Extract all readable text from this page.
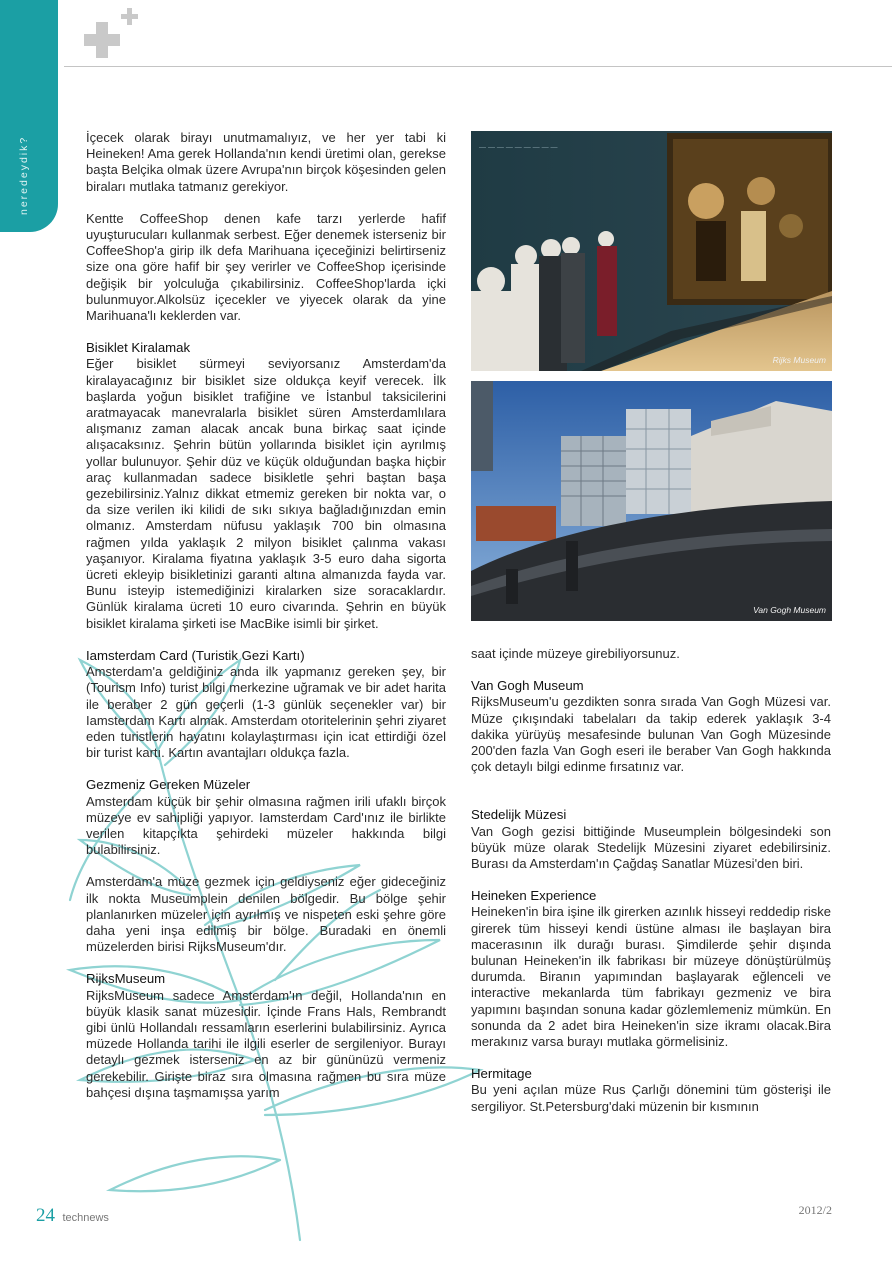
neredeydik?	İçecek olarak birayı unutmamalıyız, ve her yer tabi ki Heineken! Ama gerek Hollanda'nın kendi üretimi olan, gerekse başta Belçika olmak üzere Avrupa'nın birçok köşesinden gelen biraları mutlaka tatmanız gerekiyor.

Kentte CoffeeShop denen kafe tarzı yerlerde hafif uyuşturucuları kullanmak serbest. Eğer denemek isterseniz bir CoffeeShop'a girip ilk defa Marihuana içeceğinizi belirtirseniz size ona göre hafif bir şey verirler ve CoffeeShop içerisinde değişik bir yolculuğa çıkabilirsiniz. CoffeeShop'larda içki bulunmuyor.Alkolsüz içecekler ve yiyecek olarak da yine Marihuana'lı keklerden var.

Bisiklet Kiralamak

Eğer bisiklet sürmeyi seviyorsanız Amsterdam'da kiralayacağınız bir bisiklet size oldukça keyif verecek. İlk başlarda yoğun bisiklet trafiğine ve İstanbul taksicilerini aratmayacak manevralarla bisiklet süren Amsterdamlılara alışmanız zaman alacak ancak buna birkaç saat içinde alışacaksınız. Şehrin bütün yollarında bisiklet için ayrılmış yollar bulunuyor. Şehir düz ve küçük olduğundan başka hiçbir araç kullanmadan sadece bisikletle şehri baştan başa gezebilirsiniz.Yalnız dikkat etmemiz gereken bir nokta var, o da size verilen iki kilidi de sıkı sıkıya bağladığınızdan emin olmanız. Amsterdam nüfusu yaklaşık 700 bin olmasına rağmen yılda yaklaşık 2 milyon bisiklet çalınma vakası yaşanıyor. Kiralama fiyatına yaklaşık 3-5 euro daha sigorta ücreti ekleyip bisikletinizi garanti altına almanızda fayda var. Bunu isteyip istemediğinizi kiralarken size soracaklardır. Günlük kiralama ücreti 10 euro civarında. Şehrin en büyük bisiklet kiralama şirketi ise MacBike isimli bir şirket.

Iamsterdam Card (Turistik Gezi Kartı)

Amsterdam'a geldiğiniz anda ilk yapmanız gereken şey, bir (Tourism Info) turist bilgi merkezine uğramak ve bir adet harita ile beraber 2 gün geçerli (1-3 günlük seçenekler var) bir Iamsterdam Kartı almak. Amsterdam otoritelerinin şehri ziyaret eden turistlerin hayatını kolaylaştırması için icat ettirdiği özel bir turist kartı. Kartın avantajları oldukça fazla.

Gezmeniz Gereken Müzeler

Amsterdam küçük bir şehir olmasına rağmen irili ufaklı birçok müzeye ev sahipliği yapıyor. Iamsterdam Card'ınız ile birlikte verilen kitapçıkta şehirdeki müzeler hakkında bilgi bulabilirsiniz.

Amsterdam'a müze gezmek için geldiyseniz eğer gideceğiniz ilk nokta Museumplein denilen bölgedir. Bu bölge şehir planlanırken müzeler için ayrılmış ve nispeten eski şehre göre daha yeni inşa edilmiş bir bölge. Buradaki en önemli müzelerden birisi RijksMuseum'dır.

RijksMuseum

RijksMuseum sadece Amsterdam'ın değil, Hollanda'nın en büyük klasik sanat müzesidir. İçinde Frans Hals, Rembrandt gibi ünlü Hollandalı ressamların eserlerini bulabilirsiniz. Ayrıca müzede Hollanda tarihi ile ilgili eserler de sergileniyor. Burayı detaylı gezmek isterseniz en az bir gününüzü vermeniz gerekebilir. Girişte biraz sıra olmasına rağmen bu sıra müze bahçesi dışına taşmamışsa yarım

— — — — — — — — —
Rijks Museum
Van Gogh Museum

saat içinde müzeye girebiliyorsunuz.

Van Gogh Museum

RijksMuseum'u gezdikten sonra sırada Van Gogh Müzesi var. Müze çıkışındaki tabelaları da takip ederek yaklaşık 3-4 dakika yürüyüş mesafesinde bulunan Van Gogh Müzesinde 200'den fazla Van Gogh eseri ile beraber Van Gogh hakkında çok detaylı bilgi edinme fırsatınız var.

Stedelijk Müzesi

Van Gogh gezisi bittiğinde Museumplein bölgesindeki son büyük müze olarak Stedelijk Müzesini ziyaret edebilirsiniz. Burası da Amsterdam'ın Çağdaş Sanatlar Müzesi'den biri.

Heineken Experience

Heineken'in bira işine ilk girerken azınlık hisseyi reddedip riske girerek tüm hisseyi kendi üstüne alması ile başlayan bira macerasının ilk durağı burası. Şimdilerde şehir dışında bulunan Heineken'in ilk fabrikası bir müzeye dönüştürülmüş durumda. Biranın yapımından başlayarak eğlenceli ve interactive mekanlarda tüm fabrikayı gezmeniz ve bira yapımını başından sonuna kadar gözlemlemeniz mümkün. En sonunda da 2 adet bira Heineken'in size ikramı olacak.Bira merakınız varsa burayı mutlaka görmelisiniz.

Hermitage

Bu yeni açılan müze Rus Çarlığı dönemini tüm gösterişi ile sergiliyor. St.Petersburg'daki müzenin bir kısmının

24 technews
2012/2
